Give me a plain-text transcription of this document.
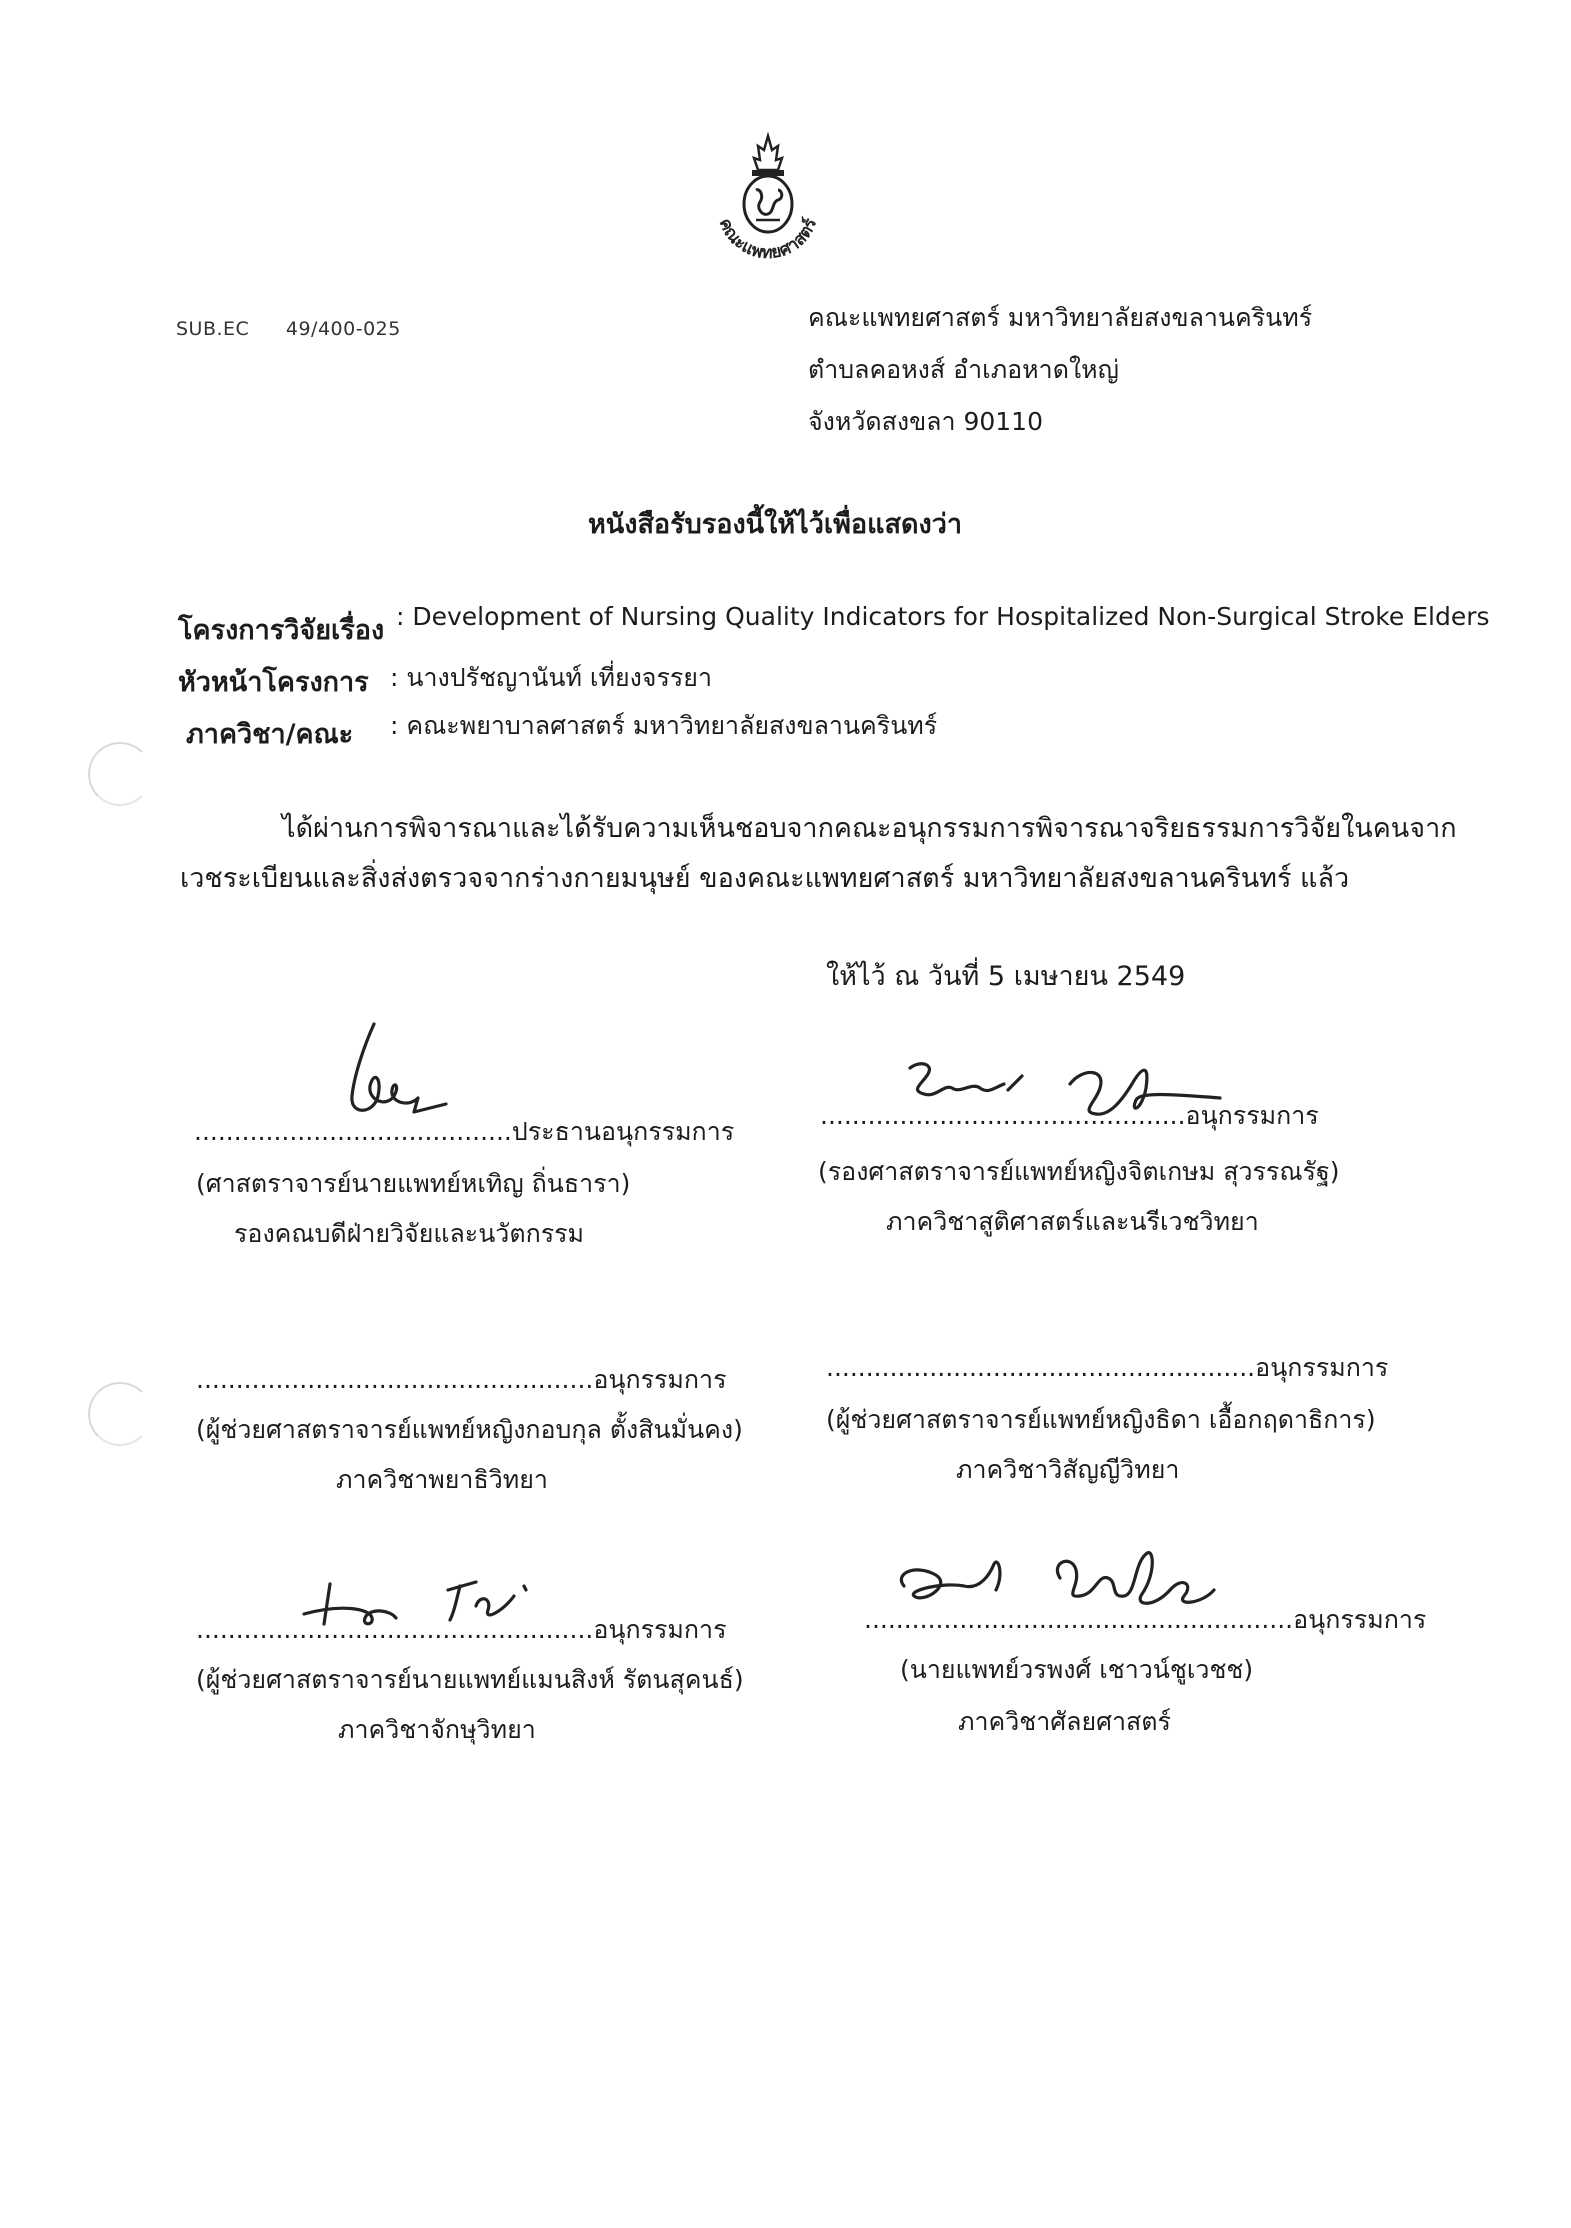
คณะแพทยศาสตร์
SUB.EC 49/400-025	คณะแพทยศาสตร์ มหาวิทยาลัยสงขลานครินทร์
ตำบลคอหงส์ อำเภอหาดใหญ่
จังหวัดสงขลา 90110
หนังสือรับรองนี้ให้ไว้เพื่อแสดงว่า
โครงการวิจัยเรื่อง : Development of Nursing Quality Indicators for Hospitalized Non-Surgical Stroke Elders
หัวหน้าโครงการ : นางปรัชญานันท์ เที่ยงจรรยา
ภาควิชา/คณะ : คณะพยาบาลศาสตร์ มหาวิทยาลัยสงขลานครินทร์
ได้ผ่านการพิจารณาและได้รับความเห็นชอบจากคณะอนุกรรมการพิจารณาจริยธรรมการวิจัยในคนจาก
เวชระเบียนและสิ่งส่งตรวจจากร่างกายมนุษย์ ของคณะแพทยศาสตร์ มหาวิทยาลัยสงขลานครินทร์ แล้ว
ให้ไว้ ณ วันที่ 5 เมษายน 2549
........................................ประธานอนุกรรมการ
(ศาสตราจารย์นายแพทย์หเทิญ ถิ่นธารา)
รองคณบดีฝ่ายวิจัยและนวัตกรรม
..............................................อนุกรรมการ
(รองศาสตราจารย์แพทย์หญิงจิตเกษม สุวรรณรัฐ)
ภาควิชาสูติศาสตร์และนรีเวชวิทยา
..................................................อนุกรรมการ
(ผู้ช่วยศาสตราจารย์แพทย์หญิงกอบกุล ตั้งสินมั่นคง)
ภาควิชาพยาธิวิทยา
......................................................อนุกรรมการ
(ผู้ช่วยศาสตราจารย์แพทย์หญิงธิดา เอื้อกฤดาธิการ)
ภาควิชาวิสัญญีวิทยา
..................................................อนุกรรมการ
(ผู้ช่วยศาสตราจารย์นายแพทย์แมนสิงห์ รัตนสุคนธ์)
ภาควิชาจักษุวิทยา
......................................................อนุกรรมการ
(นายแพทย์วรพงศ์ เชาวน์ชูเวชช)
ภาควิชาศัลยศาสตร์
